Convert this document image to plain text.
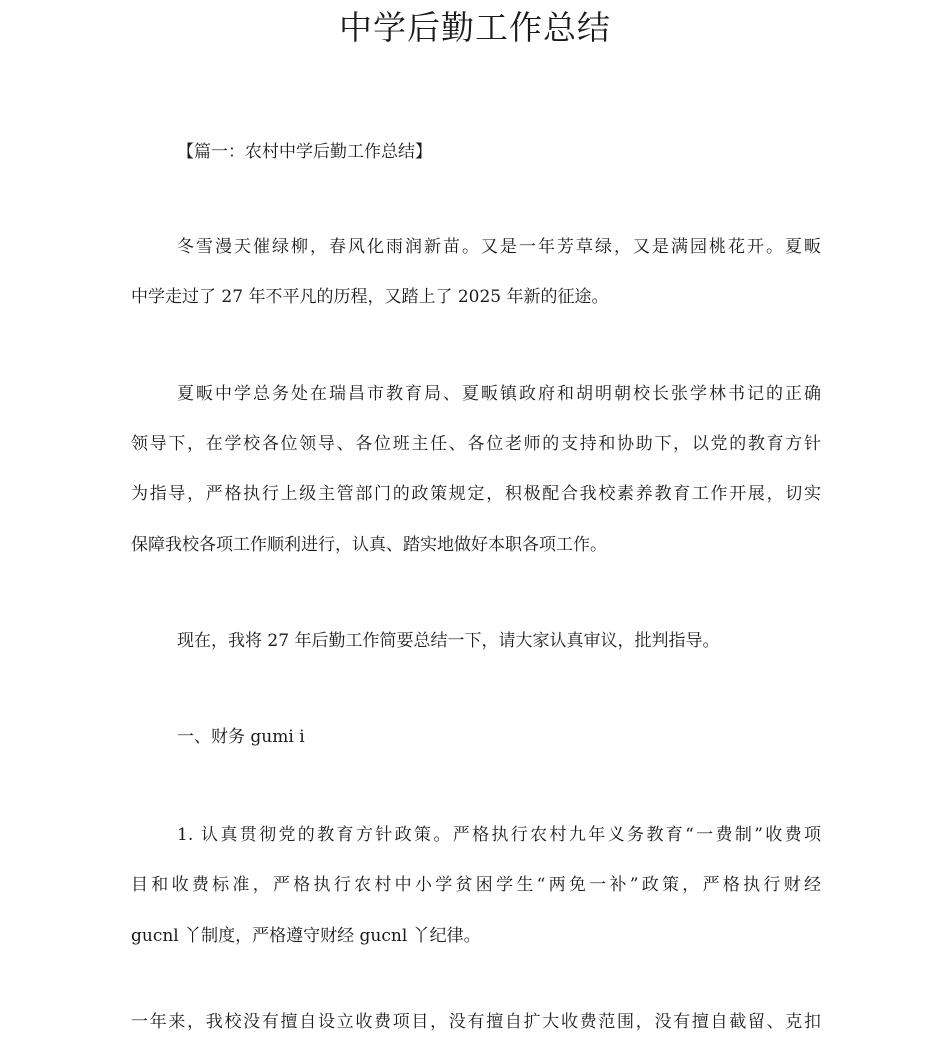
中学后勤工作总结
【篇一：农村中学后勤工作总结】
冬雪漫天催绿柳，春风化雨润新苗。又是一年芳草绿，又是满园桃花开。夏畈
中学走过了 27 年不平凡的历程，又踏上了 2025 年新的征途。
夏畈中学总务处在瑞昌市教育局、夏畈镇政府和胡明朝校长张学林书记的正确
领导下，在学校各位领导、各位班主任、各位老师的支持和协助下，以党的教育方针
为指导，严格执行上级主管部门的政策规定，积极配合我校素养教育工作开展，切实
保障我校各项工作顺利进行，认真、踏实地做好本职各项工作。
现在，我将 27 年后勤工作简要总结一下，请大家认真审议，批判指导。
一、财务 gumi i
1. 认真贯彻党的教育方针政策。严格执行农村九年义务教育“一费制”收费项
目和收费标准，严格执行农村中小学贫困学生“两免一补”政策，严格执行财经
gucnl 丫制度，严格遵守财经 gucnl 丫纪律。
一年来，我校没有擅自设立收费项目，没有擅自扩大收费范围，没有擅自截留、克扣
